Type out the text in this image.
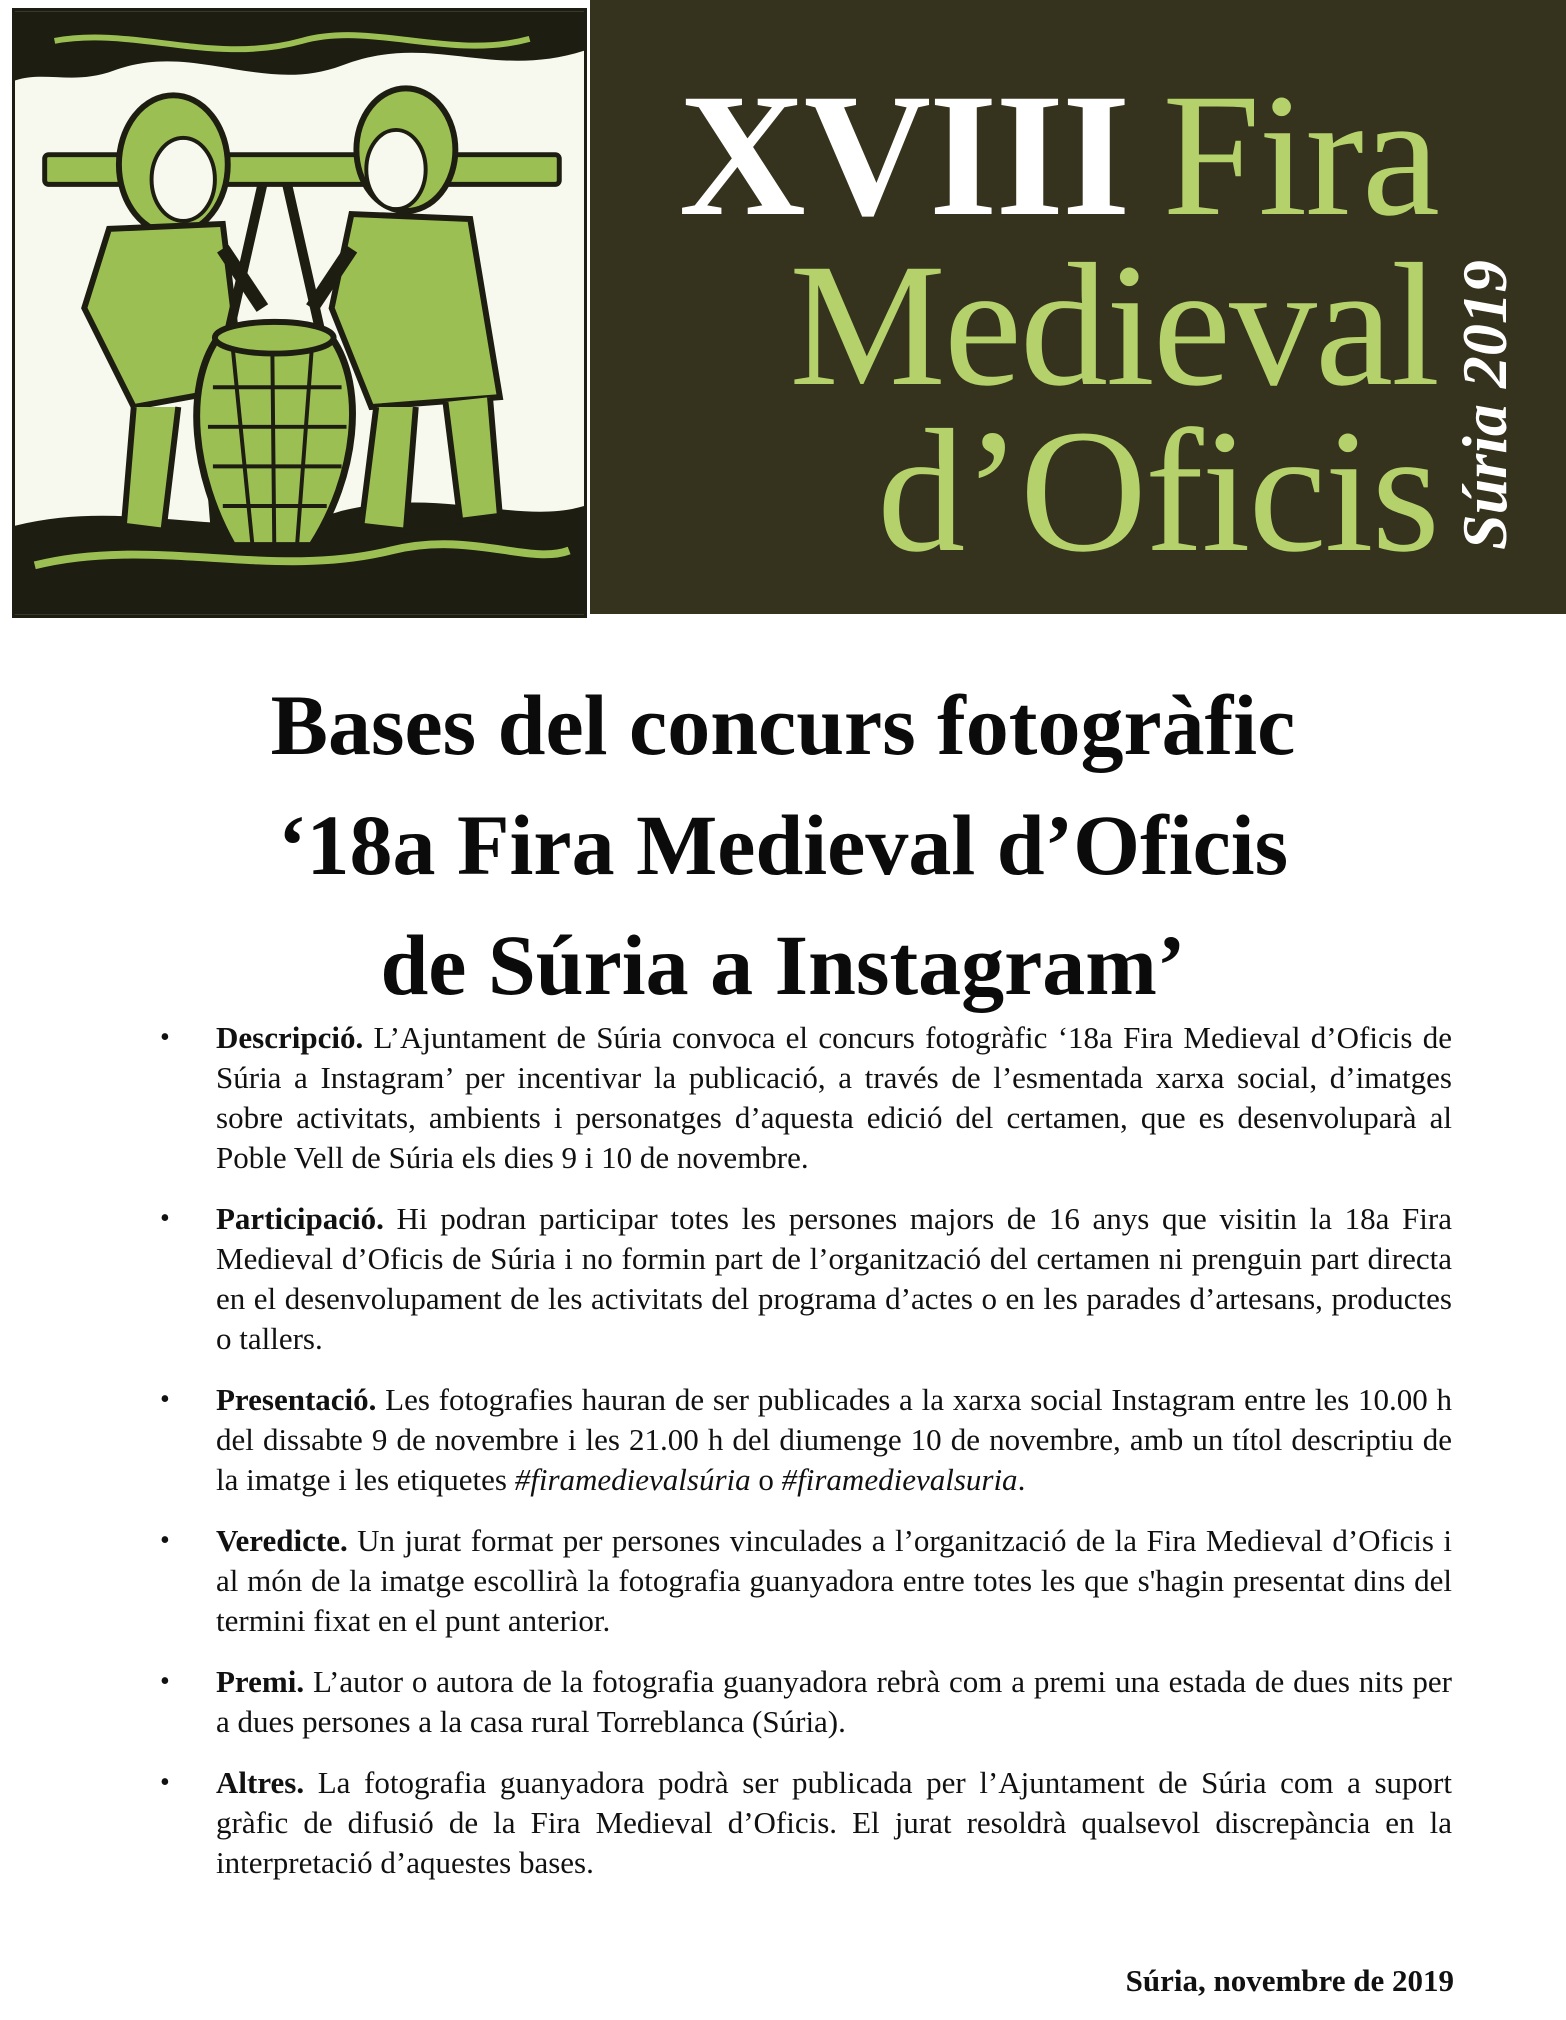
XVIII Fira
Medieval
d’Oficis Súria 2019
Bases del concurs fotogràfic
‘18a Fira Medieval d’Oficis
de Súria a Instagram’
• Descripció. L’Ajuntament de Súria convoca el concurs fotogràfic ‘18a Fira Medieval d’Oficis de Súria a Instagram’ per incentivar la publicació, a través de l’esmentada xarxa social, d’imatges sobre activitats, ambients i personatges d’aquesta edició del certamen, que es desenvoluparà al Poble Vell de Súria els dies 9 i 10 de novembre.
• Participació. Hi podran participar totes les persones majors de 16 anys que visitin la 18a Fira Medieval d’Oficis de Súria i no formin part de l’organització del certamen ni prenguin part directa en el desenvolupament de les activitats del programa d’actes o en les parades d’artesans, productes o tallers.
• Presentació. Les fotografies hauran de ser publicades a la xarxa social Instagram entre les 10.00 h del dissabte 9 de novembre i les 21.00 h del diumenge 10 de novembre, amb un títol descriptiu de la imatge i les etiquetes #firamedievalsúria o #firamedievalsuria.
• Veredicte. Un jurat format per persones vinculades a l’organització de la Fira Medieval d’Oficis i al món de la imatge escollirà la fotografia guanyadora entre totes les que s'hagin presentat dins del termini fixat en el punt anterior.
• Premi. L’autor o autora de la fotografia guanyadora rebrà com a premi una estada de dues nits per a dues persones a la casa rural Torreblanca (Súria).
• Altres. La fotografia guanyadora podrà ser publicada per l’Ajuntament de Súria com a suport gràfic de difusió de la Fira Medieval d’Oficis. El jurat resoldrà qualsevol discrepància en la interpretació d’aquestes bases.
Súria, novembre de 2019
